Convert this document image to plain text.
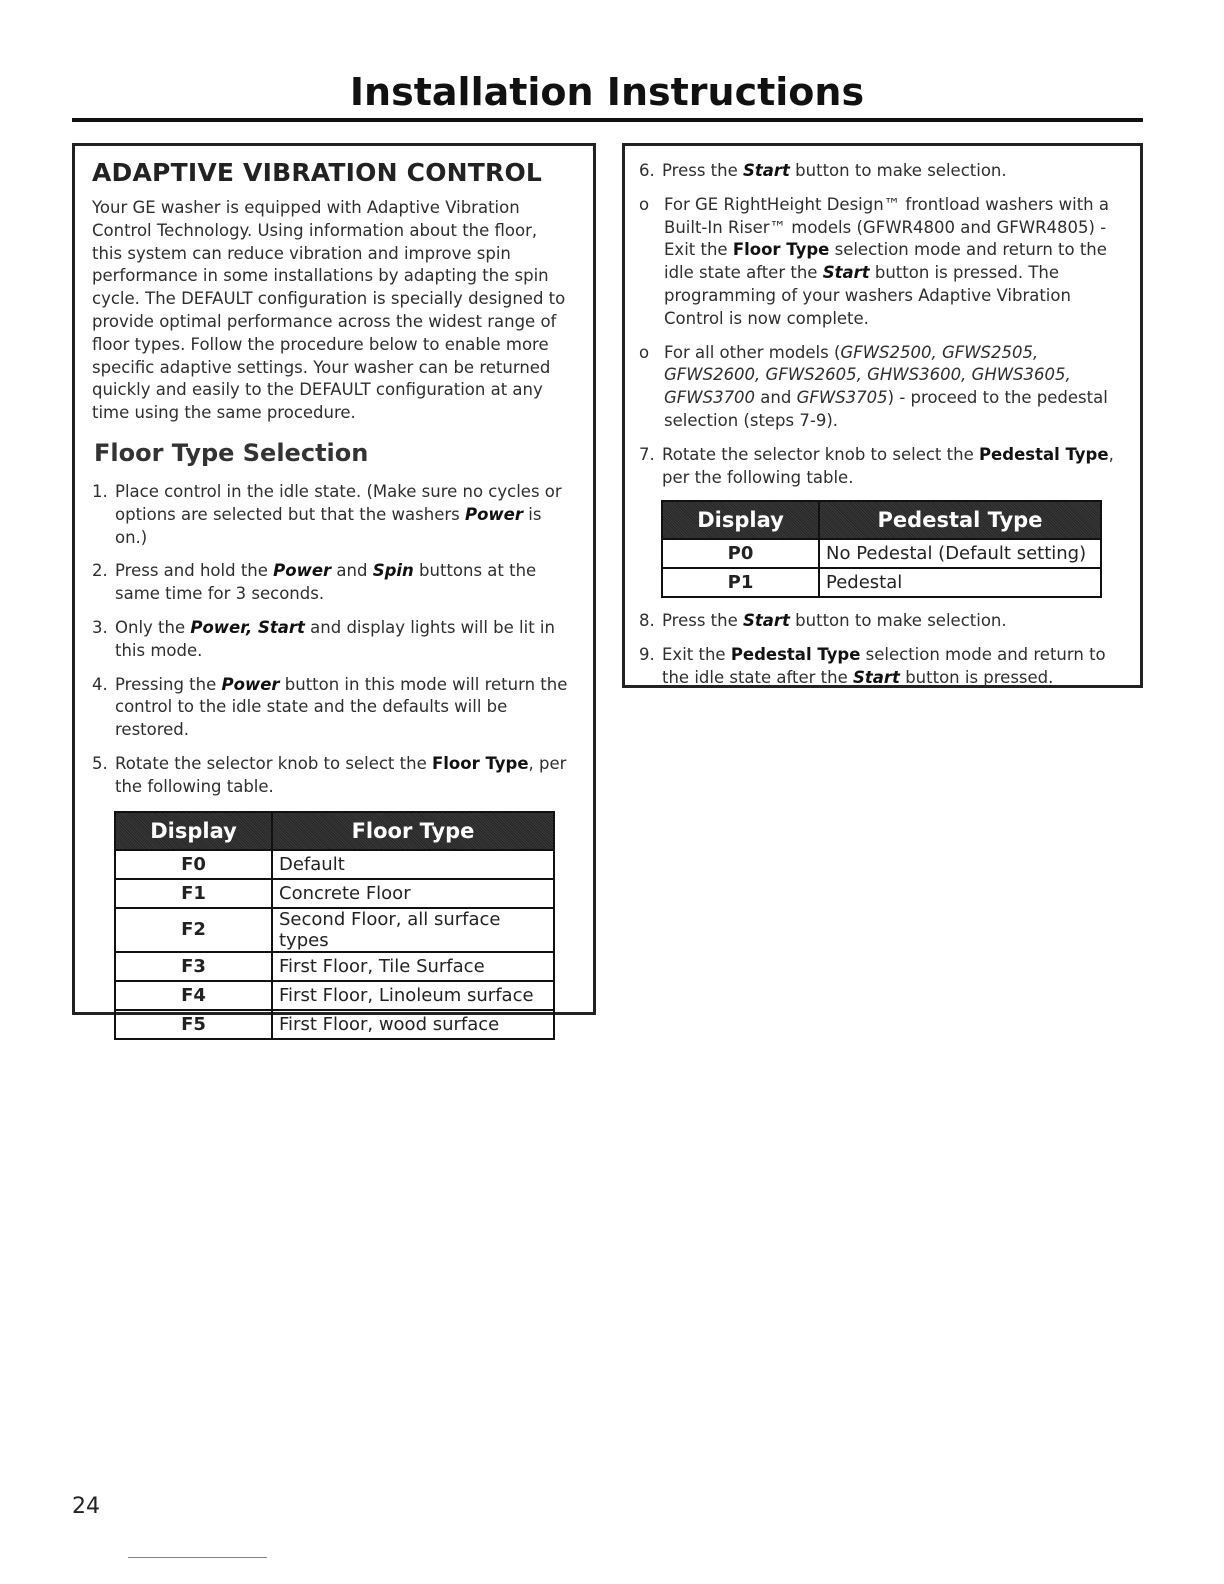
Installation Instructions
ADAPTIVE VIBRATION CONTROL

Your GE washer is equipped with Adaptive Vibration Control Technology. Using information about the floor, this system can reduce vibration and improve spin performance in some installations by adapting the spin cycle. The DEFAULT configuration is specially designed to provide optimal performance across the widest range of floor types. Follow the procedure below to enable more specific adaptive settings. Your washer can be returned quickly and easily to the DEFAULT configuration at any time using the same procedure.

Floor Type Selection
1. Place control in the idle state. (Make sure no cycles or options are selected but that the washers Power is on.)
2. Press and hold the Power and Spin buttons at the same time for 3 seconds.
3. Only the Power, Start and display lights will be lit in this mode.
4. Pressing the Power button in this mode will return the control to the idle state and the defaults will be restored.
5. Rotate the selector knob to select the Floor Type, per the following table.
Display	Floor Type
F0	Default
F1	Concrete Floor
F2	Second Floor, all surface types
F3	First Floor, Tile Surface
F4	First Floor, Linoleum surface
F5	First Floor, wood surface
6. Press the Start button to make selection.
o For GE RightHeight Design™ frontload washers with a Built-In Riser™ models (GFWR4800 and GFWR4805) - Exit the Floor Type selection mode and return to the idle state after the Start button is pressed. The programming of your washers Adaptive Vibration Control is now complete.
o For all other models (GFWS2500, GFWS2505, GFWS2600, GFWS2605, GHWS3600, GHWS3605, GFWS3700 and GFWS3705) - proceed to the pedestal selection (steps 7-9).
7. Rotate the selector knob to select the Pedestal Type, per the following table.
Display	Pedestal Type
P0	No Pedestal (Default setting)
P1	Pedestal
8. Press the Start button to make selection.
9. Exit the Pedestal Type selection mode and return to the idle state after the Start button is pressed.
24
